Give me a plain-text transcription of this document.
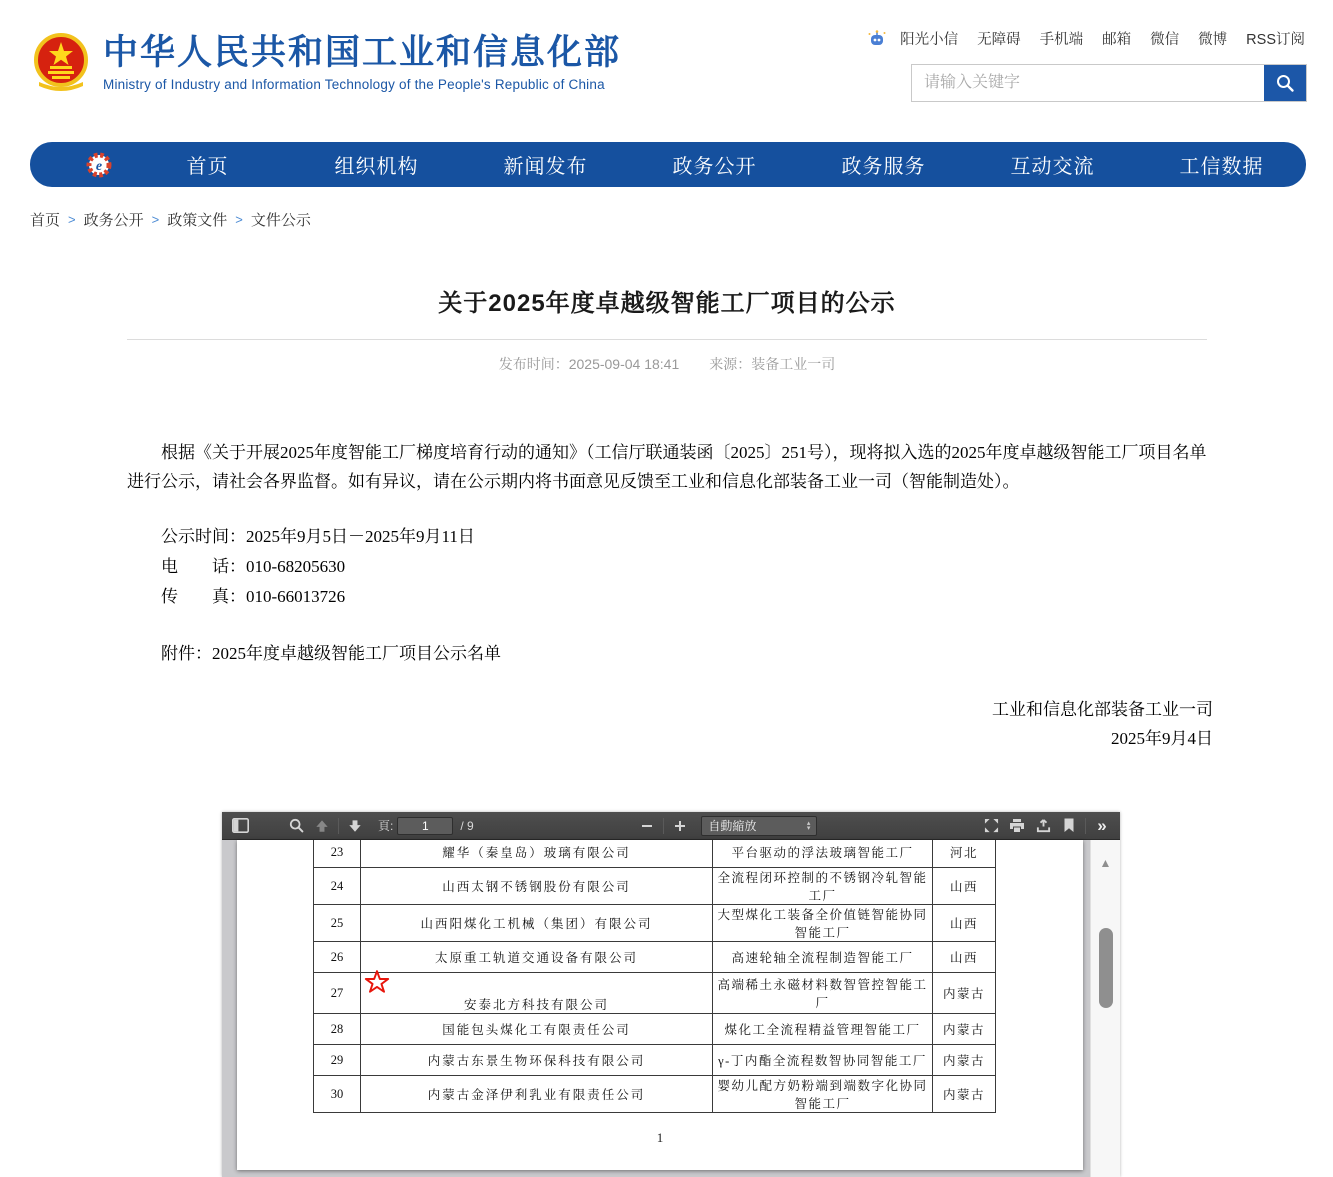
中华人民共和国工业和信息化部
Ministry of Industry and Information Technology of the People's Republic of China
阳光小信 无障碍 手机端 邮箱 微信 微博 RSS订阅
请输入关键字
e	首页	组织机构	新闻发布	政务公开	政务服务	互动交流	工信数据
首页 > 政务公开 > 政策文件 > 文件公示
关于2025年度卓越级智能工厂项目的公示
发布时间：2025-09-04 18:41 来源：装备工业一司

根据《关于开展2025年度智能工厂梯度培育行动的通知》（工信厅联通装函〔2025〕251号），现将拟入选的2025年度卓越级智能工厂项目名单进行公示，请社会各界监督。如有异议，请在公示期内将书面意见反馈至工业和信息化部装备工业一司（智能制造处）。

公示时间：2025年9月5日－2025年9月11日

电　　话：010-68205630

传　　真：010-66013726

附件：2025年度卓越级智能工厂项目公示名单

工业和信息化部装备工业一司

2025年9月4日

頁:
1	/ 9	自動縮放	▴
▾	»
23	耀华（秦皇岛）玻璃有限公司	平台驱动的浮法玻璃智能工厂	河北
24	山西太钢不锈钢股份有限公司	全流程闭环控制的不锈钢冷轧智能工厂	山西
25	山西阳煤化工机械（集团）有限公司	大型煤化工装备全价值链智能协同智能工厂	山西
26	太原重工轨道交通设备有限公司	高速轮轴全流程制造智能工厂	山西
27	安泰北方科技有限公司	高端稀土永磁材料数智管控智能工厂	内蒙古
28	国能包头煤化工有限责任公司	煤化工全流程精益管理智能工厂	内蒙古
29	内蒙古东景生物环保科技有限公司	γ-丁内酯全流程数智协同智能工厂	内蒙古
30	内蒙古金泽伊利乳业有限责任公司	婴幼儿配方奶粉端到端数字化协同智能工厂	内蒙古
1
▲
